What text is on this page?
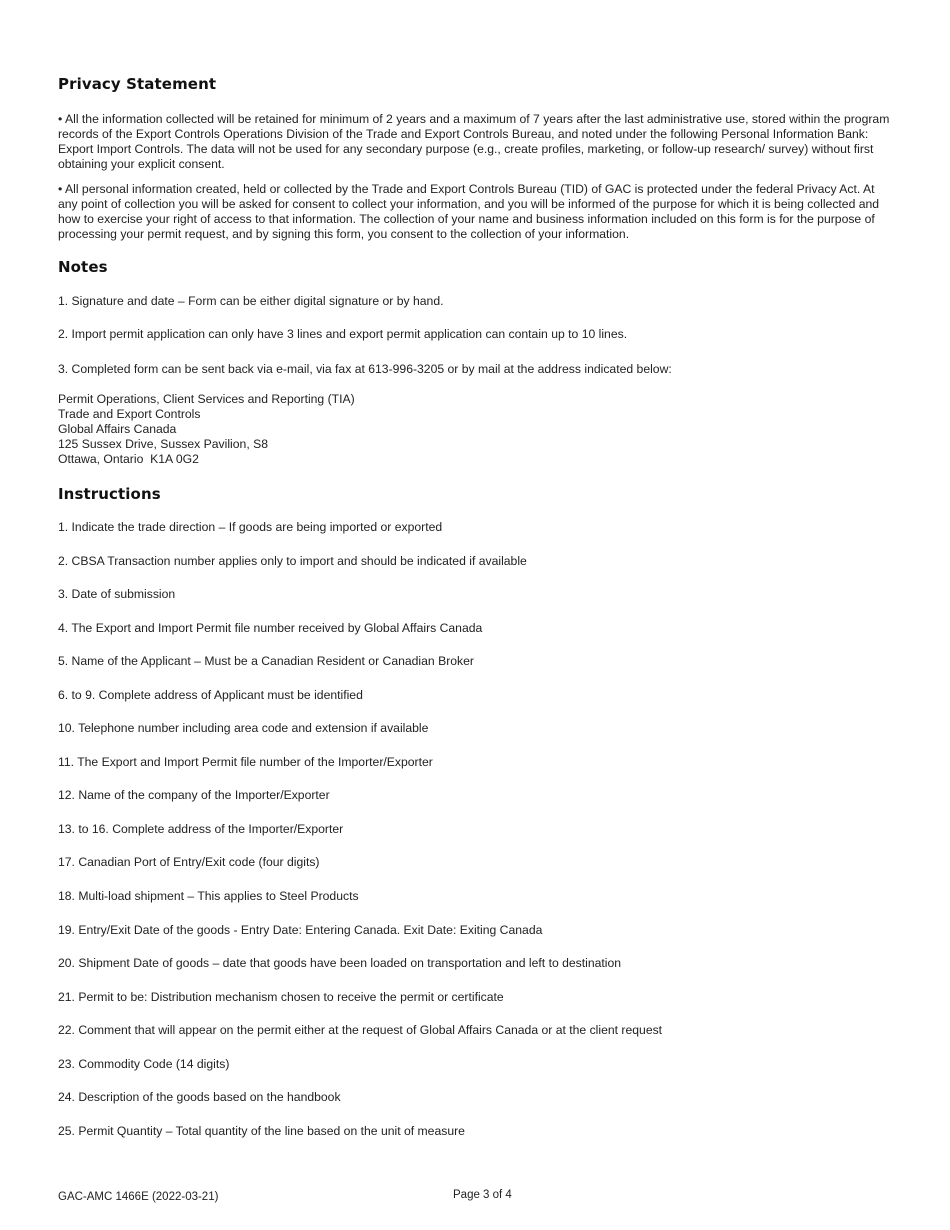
Privacy Statement

• All the information collected will be retained for minimum of 2 years and a maximum of 7 years after the last administrative use, stored within the program records of the Export Controls Operations Division of the Trade and Export Controls Bureau, and noted under the following Personal Information Bank: Export Import Controls. The data will not be used for any secondary purpose (e.g., create profiles, marketing, or follow-up research/ survey) without first obtaining your explicit consent.

• All personal information created, held or collected by the Trade and Export Controls Bureau (TID) of GAC is protected under the federal Privacy Act. At any point of collection you will be asked for consent to collect your information, and you will be informed of the purpose for which it is being collected and how to exercise your right of access to that information. The collection of your name and business information included on this form is for the purpose of processing your permit request, and by signing this form, you consent to the collection of your information.

Notes

1. Signature and date – Form can be either digital signature or by hand.

2. Import permit application can only have 3 lines and export permit application can contain up to 10 lines.

3. Completed form can be sent back via e-mail, via fax at 613-996-3205 or by mail at the address indicated below:

Permit Operations, Client Services and Reporting (TIA)

Trade and Export Controls

Global Affairs Canada

125 Sussex Drive, Sussex Pavilion, S8

Ottawa, Ontario  K1A 0G2

Instructions

1. Indicate the trade direction – If goods are being imported or exported

2. CBSA Transaction number applies only to import and should be indicated if available

3. Date of submission

4. The Export and Import Permit file number received by Global Affairs Canada

5. Name of the Applicant – Must be a Canadian Resident or Canadian Broker

6. to 9. Complete address of Applicant must be identified

10. Telephone number including area code and extension if available

11. The Export and Import Permit file number of the Importer/Exporter

12. Name of the company of the Importer/Exporter

13. to 16. Complete address of the Importer/Exporter

17. Canadian Port of Entry/Exit code (four digits)

18. Multi-load shipment – This applies to Steel Products

19. Entry/Exit Date of the goods - Entry Date: Entering Canada. Exit Date: Exiting Canada

20. Shipment Date of goods – date that goods have been loaded on transportation and left to destination

21. Permit to be: Distribution mechanism chosen to receive the permit or certificate

22. Comment that will appear on the permit either at the request of Global Affairs Canada or at the client request

23. Commodity Code (14 digits)

24. Description of the goods based on the handbook

25. Permit Quantity – Total quantity of the line based on the unit of measure

GAC-AMC 1466E (2022-03-21)	Page 3 of 4
